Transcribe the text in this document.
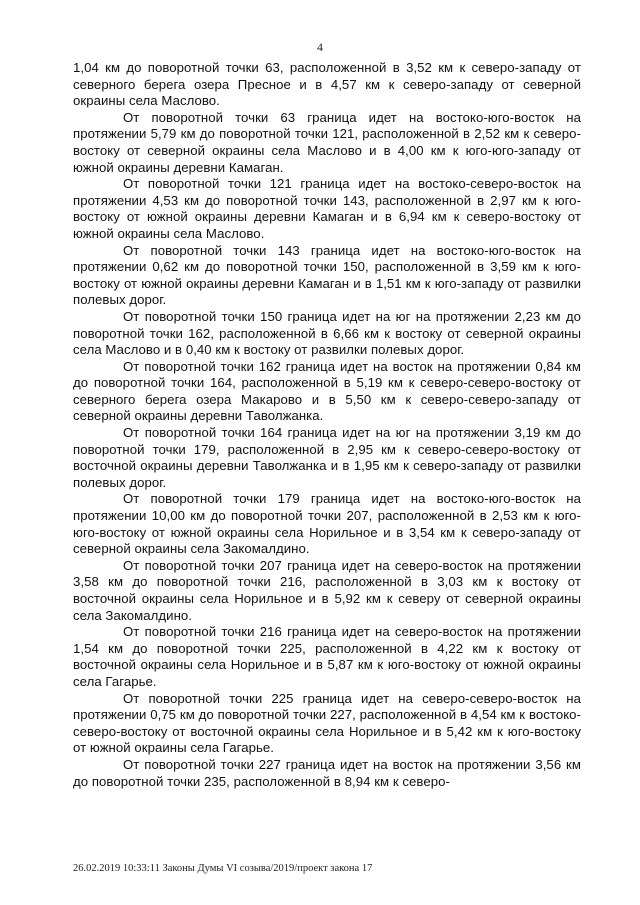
4

1,04 км до поворотной точки 63, расположенной в 3,52 км к северо-западу от северного берега озера Пресное и в 4,57 км к северо-западу от северной окраины села Маслово.

От поворотной точки 63 граница идет на востоко-юго-восток на протяжении 5,79 км до поворотной точки 121, расположенной в 2,52 км к северо-востоку от северной окраины села Маслово и в 4,00 км к юго-юго-западу от южной окраины деревни Камаган.

От поворотной точки 121 граница идет на востоко-северо-восток на протяжении 4,53 км до поворотной точки 143, расположенной в 2,97 км к юго-востоку от южной окраины деревни Камаган и в 6,94 км к северо-востоку от южной окраины села Маслово.

От поворотной точки 143 граница идет на востоко-юго-восток на протяжении 0,62 км до поворотной точки 150, расположенной в 3,59 км к юго-востоку от южной окраины деревни Камаган и в 1,51 км к юго-западу от развилки полевых дорог.

От поворотной точки 150 граница идет на юг на протяжении 2,23 км до поворотной точки 162, расположенной в 6,66 км к востоку от северной окраины села Маслово и в 0,40 км к востоку от развилки полевых дорог.

От поворотной точки 162 граница идет на восток на протяжении 0,84 км до поворотной точки 164, расположенной в 5,19 км к северо-северо-востоку от северного берега озера Макарово и в 5,50 км к северо-северо-западу от северной окраины деревни Таволжанка.

От поворотной точки 164 граница идет на юг на протяжении 3,19 км до поворотной точки 179, расположенной в 2,95 км к северо-северо-востоку от восточной окраины деревни Таволжанка и в 1,95 км к северо-западу от развилки полевых дорог.

От поворотной точки 179 граница идет на востоко-юго-восток на протяжении 10,00 км до поворотной точки 207, расположенной в 2,53 км к юго-юго-востоку от южной окраины села Норильное и в 3,54 км к северо-западу от северной окраины села Закомалдино.

От поворотной точки 207 граница идет на северо-восток на протяжении 3,58 км до поворотной точки 216, расположенной в 3,03 км к востоку от восточной окраины села Норильное и в 5,92 км к северу от северной окраины села Закомалдино.

От поворотной точки 216 граница идет на северо-восток на протяжении 1,54 км до поворотной точки 225, расположенной в 4,22 км к востоку от восточной окраины села Норильное и в 5,87 км к юго-востоку от южной окраины села Гагарье.

От поворотной точки 225 граница идет на северо-северо-восток на протяжении 0,75 км до поворотной точки 227, расположенной в 4,54 км к востоко-северо-востоку от восточной окраины села Норильное и в 5,42 км к юго-востоку от южной окраины села Гагарье.

От поворотной точки 227 граница идет на восток на протяжении 3,56 км до поворотной точки 235, расположенной в 8,94 км к северо-

26.02.2019 10:33:11 Законы Думы VI созыва/2019/проект закона 17
